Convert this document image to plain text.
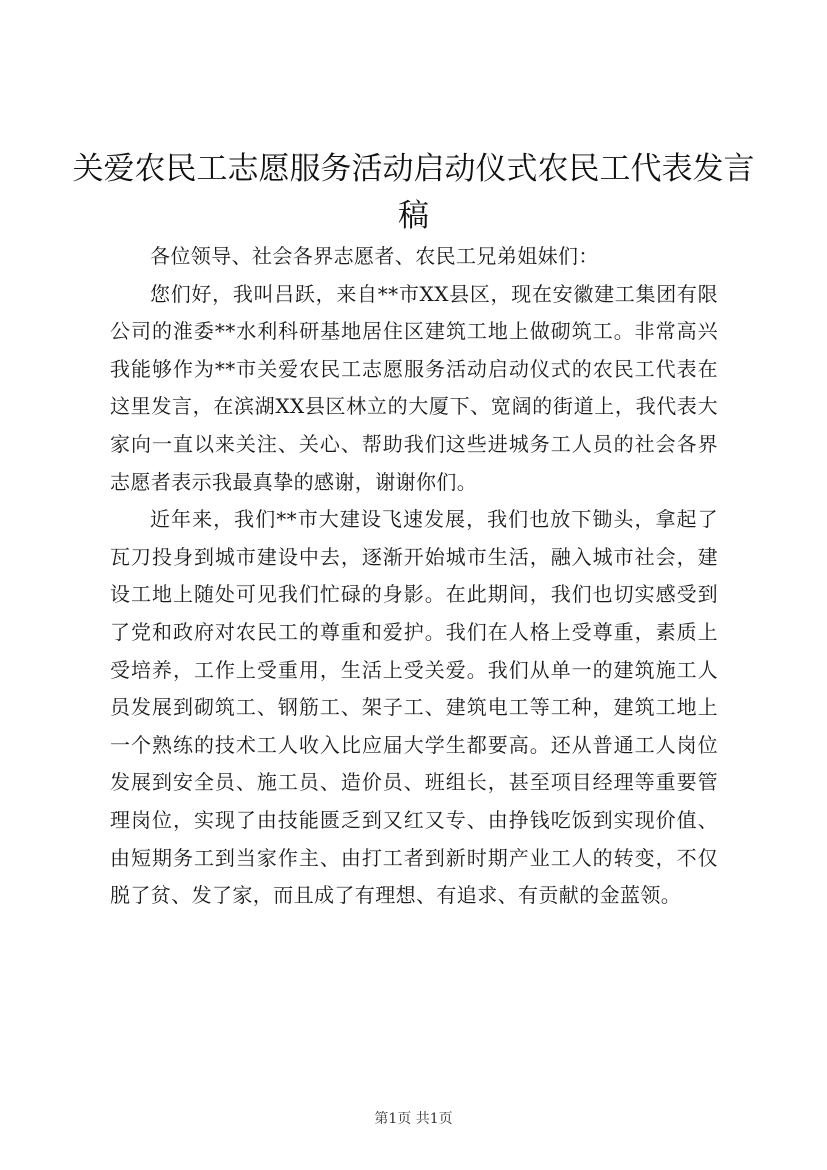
关爱农民工志愿服务活动启动仪式农民工代表发言稿

各位领导、社会各界志愿者、农民工兄弟姐妹们：

您们好，我叫吕跃，来自**市XX县区，现在安徽建工集团有限公司的淮委**水利科研基地居住区建筑工地上做砌筑工。非常高兴我能够作为**市关爱农民工志愿服务活动启动仪式的农民工代表在这里发言，在滨湖XX县区林立的大厦下、宽阔的街道上，我代表大家向一直以来关注、关心、帮助我们这些进城务工人员的社会各界志愿者表示我最真挚的感谢，谢谢你们。

近年来，我们**市大建设飞速发展，我们也放下锄头，拿起了瓦刀投身到城市建设中去，逐渐开始城市生活，融入城市社会，建设工地上随处可见我们忙碌的身影。在此期间，我们也切实感受到了党和政府对农民工的尊重和爱护。我们在人格上受尊重，素质上受培养，工作上受重用，生活上受关爱。我们从单一的建筑施工人员发展到砌筑工、钢筋工、架子工、建筑电工等工种，建筑工地上一个熟练的技术工人收入比应届大学生都要高。还从普通工人岗位发展到安全员、施工员、造价员、班组长，甚至项目经理等重要管理岗位，实现了由技能匮乏到又红又专、由挣钱吃饭到实现价值、由短期务工到当家作主、由打工者到新时期产业工人的转变，不仅脱了贫、发了家，而且成了有理想、有追求、有贡献的金蓝领。

第1页 共1页
